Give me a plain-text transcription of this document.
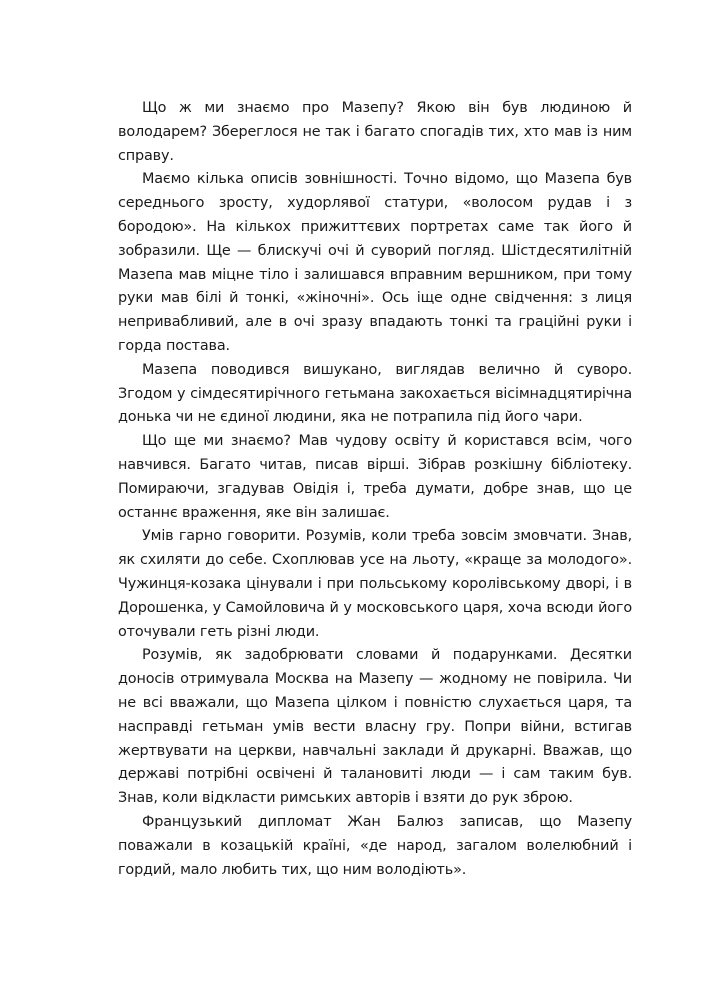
Що ж ми знаємо про Мазепу? Якою він був людиною й володарем? Збереглося не так і багато спогадів тих, хто мав із ним справу.

Маємо кілька описів зовнішності. Точно відомо, що Мазепа був середнього зросту, худорлявої статури, «волосом рудав і з бородою». На кількох прижиттєвих портретах саме так його й зобразили. Ще — блискучі очі й суворий погляд. Шістдесятилітній Мазепа мав міцне тіло і залишався вправним вершником, при тому руки мав білі й тонкі, «жіночні». Ось іще одне свідчення: з лиця непривабливий, але в очі зразу впадають тонкі та граційні руки і горда постава.

Мазепа поводився вишукано, виглядав велично й суворо. Згодом у сімдесятирічного гетьмана закохається вісімнадцятирічна донька чи не єдиної людини, яка не потрапила під його чари.

Що ще ми знаємо? Мав чудову освіту й користався всім, чого навчився. Багато читав, писав вірші. Зібрав розкішну бібліотеку. Помираючи, згадував Овідія і, треба думати, добре знав, що це останнє враження, яке він залишає.

Умів гарно говорити. Розумів, коли треба зовсім змовчати. Знав, як схиляти до себе. Схоплював усе на льоту, «краще за молодого». Чужинця-козака цінували і при польському королівському дворі, і в Дорошенка, у Самойловича й у московського царя, хоча всюди його оточували геть різні люди.

Розумів, як задобрювати словами й подарунками. Десятки доносів отримувала Москва на Мазепу — жодному не повірила. Чи не всі вважали, що Мазепа цілком і повністю слухається царя, та насправді гетьман умів вести власну гру. Попри війни, встигав жертвувати на церкви, навчальні заклади й друкарні. Вважав, що державі потрібні освічені й талановиті люди — і сам таким був. Знав, коли відкласти римських авторів і взяти до рук зброю.

Французький дипломат Жан Балюз записав, що Мазепу поважали в козацькій країні, «де народ, загалом волелюбний і гордий, мало любить тих, що ним володіють».
